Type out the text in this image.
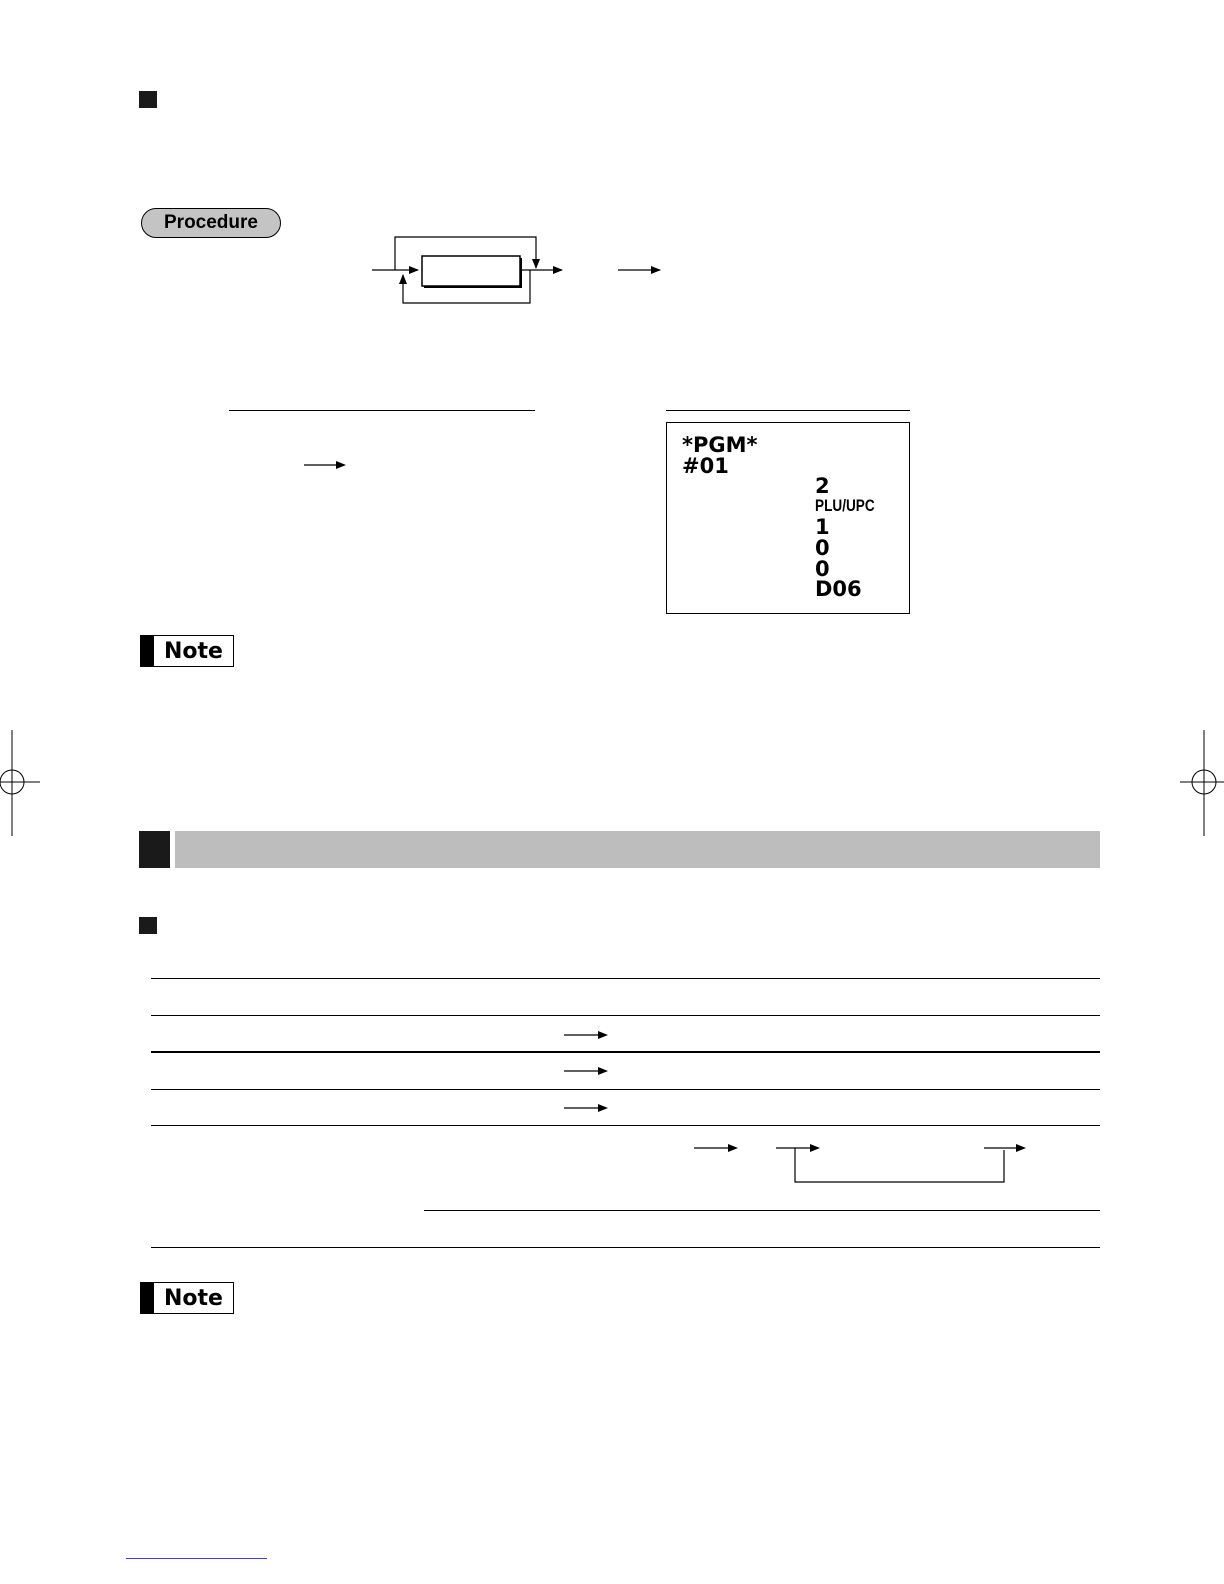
Procedure
*PGM*
#01
2
PLU/UPC
1
0
0
D06
Note
Note
